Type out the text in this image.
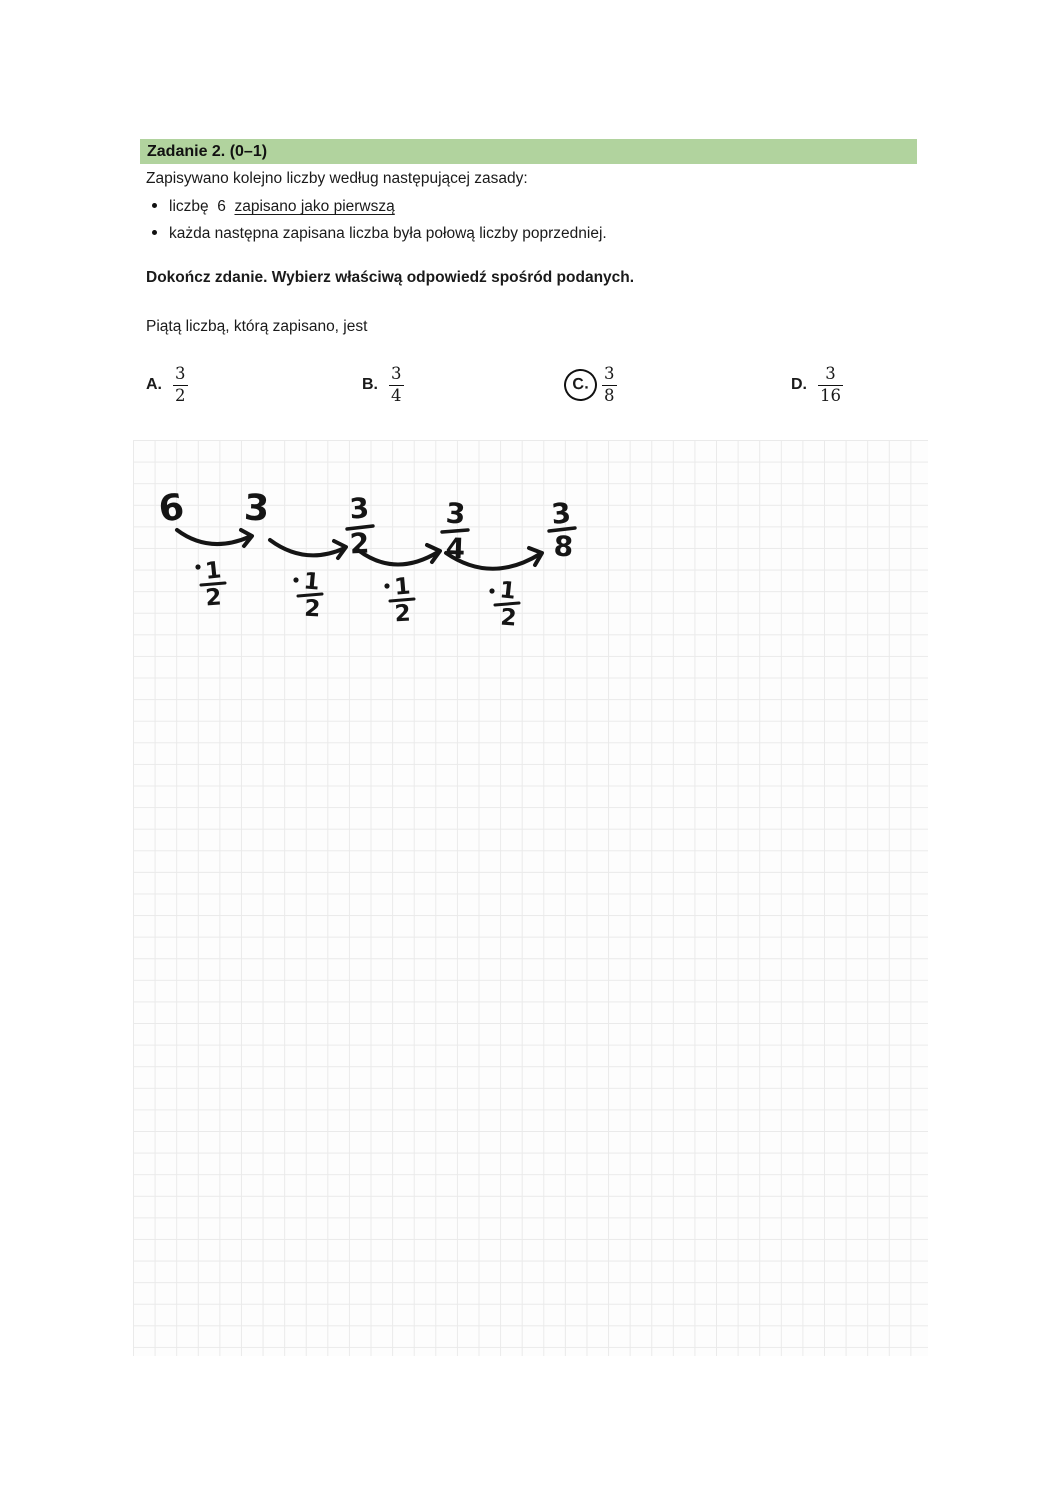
Zadanie 2. (0–1)
Zapisywano kolejno liczby według następującej zasady:
liczbę  6  zapisano jako pierwszą
każda następna zapisana liczba była połową liczby poprzedniej.
Dokończ zdanie. Wybierz właściwą odpowiedź spośród podanych.
Piątą liczbą, którą zapisano, jest
A. $\frac{3}{2}$	B. $\frac{3}{4}$	C. $\frac{3}{8}$	D. $\frac{3}{16}$
6 3	3
2
3
4
3
8
1
2
1
2
1
2
1
2
